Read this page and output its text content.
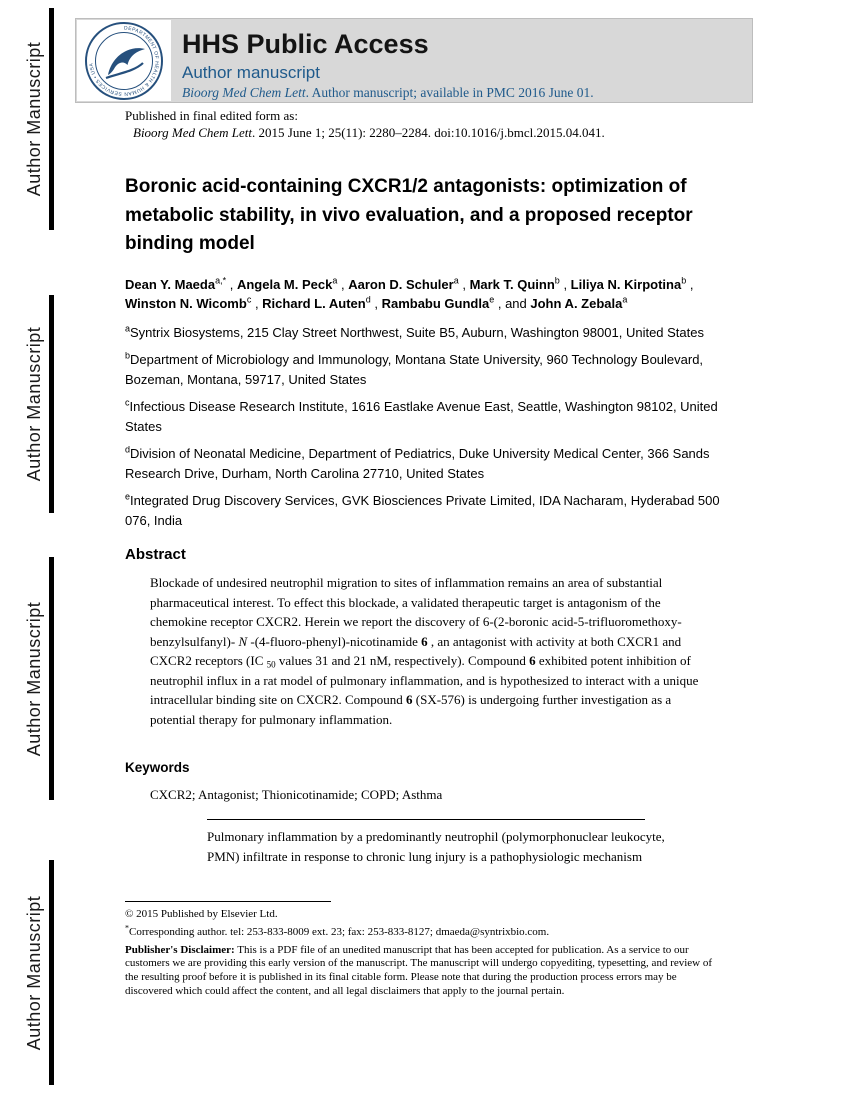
Author Manuscript
Author Manuscript
Author Manuscript
Author Manuscript
DEPARTMENT OF HEALTH & HUMAN SERVICES • USA
HHS Public Access
Author manuscript
Bioorg Med Chem Lett. Author manuscript; available in PMC 2016 June 01.
Published in final edited form as:
Bioorg Med Chem Lett. 2015 June 1; 25(11): 2280–2284. doi:10.1016/j.bmcl.2015.04.041.
Boronic acid-containing CXCR1/2 antagonists: optimization of metabolic stability, in vivo evaluation, and a proposed receptor binding model

Dean Y. Maeda$^{a,*}$ , Angela M. Peck$^a$ , Aaron D. Schuler$^a$ , Mark T. Quinn$^b$ , Liliya N. Kirpotina$^b$ , Winston N. Wicomb$^c$ , Richard L. Auten$^d$ , Rambabu Gundla$^e$ , and John A. Zebala$^a$

$^a$Syntrix Biosystems, 215 Clay Street Northwest, Suite B5, Auburn, Washington 98001, United States

$^b$Department of Microbiology and Immunology, Montana State University, 960 Technology Boulevard, Bozeman, Montana, 59717, United States

$^c$Infectious Disease Research Institute, 1616 Eastlake Avenue East, Seattle, Washington 98102, United States

$^d$Division of Neonatal Medicine, Department of Pediatrics, Duke University Medical Center, 366 Sands Research Drive, Durham, North Carolina 27710, United States

$^e$Integrated Drug Discovery Services, GVK Biosciences Private Limited, IDA Nacharam, Hyderabad 500 076, India

Abstract

Blockade of undesired neutrophil migration to sites of inflammation remains an area of substantial pharmaceutical interest. To effect this blockade, a validated therapeutic target is antagonism of the chemokine receptor CXCR2. Herein we report the discovery of 6-(2-boronic acid-5-trifluoromethoxy-benzylsulfanyl)- N -(4-fluoro-phenyl)-nicotinamide 6 , an antagonist with activity at both CXCR1 and CXCR2 receptors (IC 50 values 31 and 21 nM, respectively). Compound 6 exhibited potent inhibition of neutrophil influx in a rat model of pulmonary inflammation, and is hypothesized to interact with a unique intracellular binding site on CXCR2. Compound 6 (SX-576) is undergoing further investigation as a potential therapy for pulmonary inflammation.

Keywords

CXCR2; Antagonist; Thionicotinamide; COPD; Asthma

Pulmonary inflammation by a predominantly neutrophil (polymorphonuclear leukocyte, PMN) infiltrate in response to chronic lung injury is a pathophysiologic mechanism

© 2015 Published by Elsevier Ltd.

*Corresponding author. tel: 253-833-8009 ext. 23; fax: 253-833-8127; dmaeda@syntrixbio.com.

Publisher's Disclaimer: This is a PDF file of an unedited manuscript that has been accepted for publication. As a service to our customers we are providing this early version of the manuscript. The manuscript will undergo copyediting, typesetting, and review of the resulting proof before it is published in its final citable form. Please note that during the production process errors may be discovered which could affect the content, and all legal disclaimers that apply to the journal pertain.
